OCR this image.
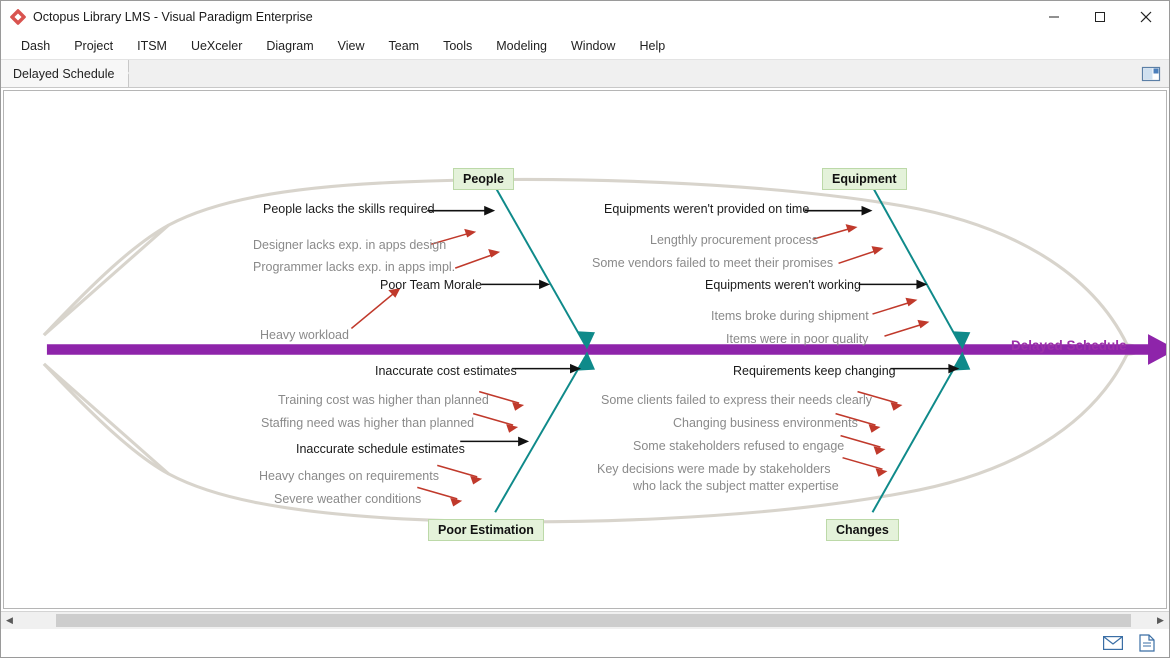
Octopus Library LMS - Visual Paradigm Enterprise
Dash	Project	ITSM	UeXceler	Diagram	View	Team	Tools	Modeling	Window	Help
Delayed Schedule
People	Equipment
Poor Estimation	Changes
Delayed Schedule
People lacks the skills required
Designer lacks exp. in apps design
Programmer lacks exp. in apps impl.
Poor Team Morale
Heavy workload
Equipments weren't provided on time
Lengthly procurement process
Some vendors failed to meet their promises
Equipments weren't working
Items broke during shipment
Items were in poor quality
Inaccurate cost estimates
Training cost was higher than planned
Staffing need was higher than planned
Inaccurate schedule estimates
Heavy changes on requirements
Severe weather conditions
Requirements keep changing
Some clients failed to express their needs clearly
Changing business environments
Some stakeholders refused to engage
Key decisions were made by stakeholders
who lack the subject matter expertise
◀	▶
